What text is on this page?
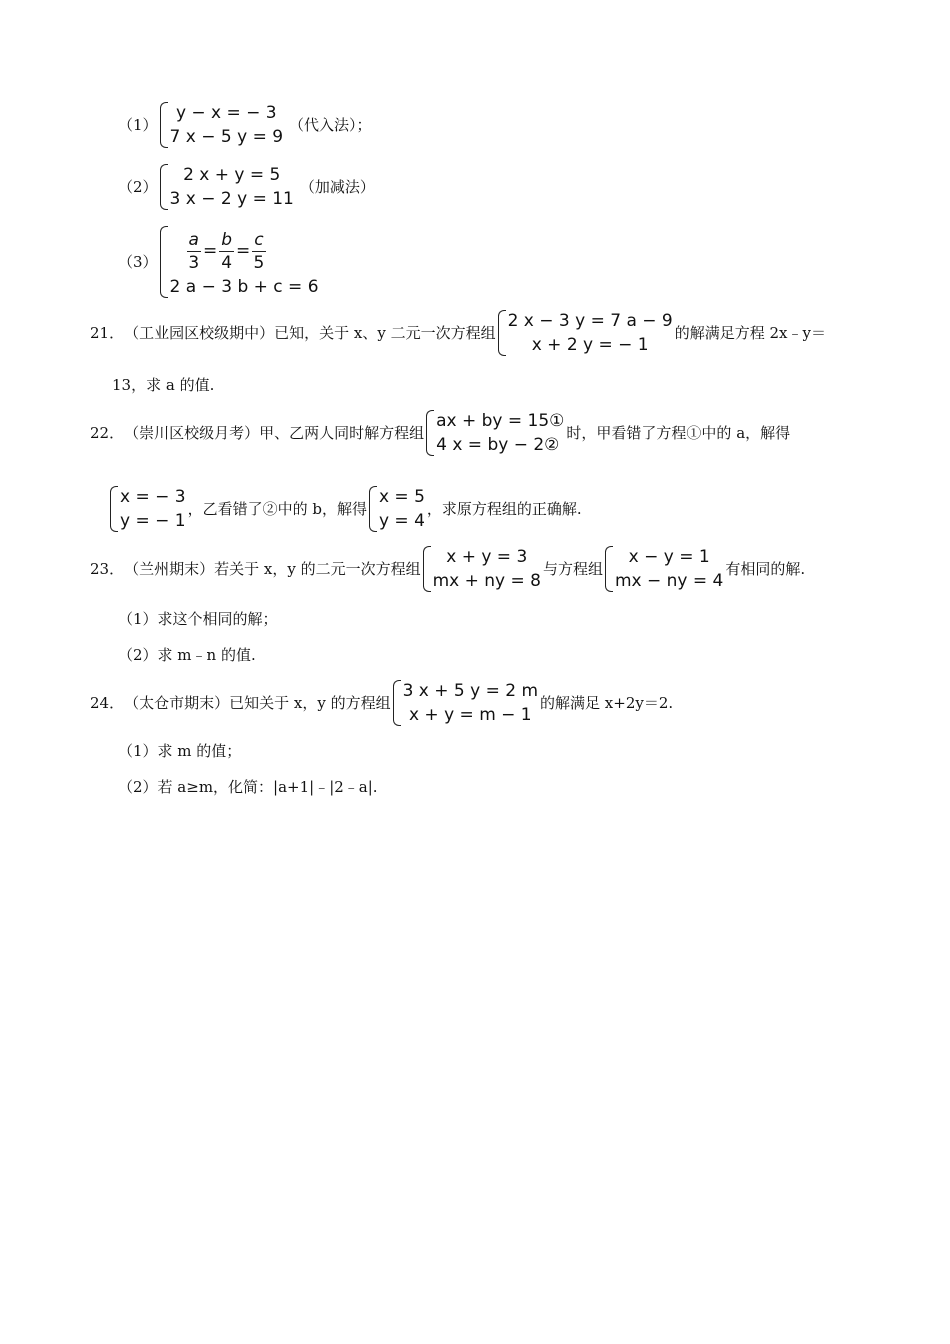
（1）
y − x = − 3
7 x − 5 y = 9
（代入法）；
（2）
2 x + y = 5
3 x − 2 y = 11
（加减法）
$(3) \frac{a}{3} = \frac{b}{4} = \frac{c}{5}$
2 a − 3 b + c = 6
21． （工业园区校级期中）已知，关于 x、y 二元一次方程组
2 x − 3 y = 7 a − 9
x + 2 y = − 1
的解满足方程 2x﹣y＝
13，求 a 的值.
22． （崇川区校级月考）甲、乙两人同时解方程组
ax + by = 15①
4 x = by − 2②
时，甲看错了方程①中的 a，解得
x = − 3
y = − 1
，乙看错了②中的 b，解得
x = 5
y = 4
，求原方程组的正确解.
23． （兰州期末）若关于 x，y 的二元一次方程组
x + y = 3
mx + ny = 8
与方程组
x − y = 1
mx − ny = 4
有相同的解.
（1）求这个相同的解；
（2）求 m﹣n 的值.
24． （太仓市期末）已知关于 x，y 的方程组
3 x + 5 y = 2 m
x + y = m − 1
的解满足 x+2y＝2.
（1）求 m 的值；
（2）若 a≥m，化简：|a+1|﹣|2﹣a|.
